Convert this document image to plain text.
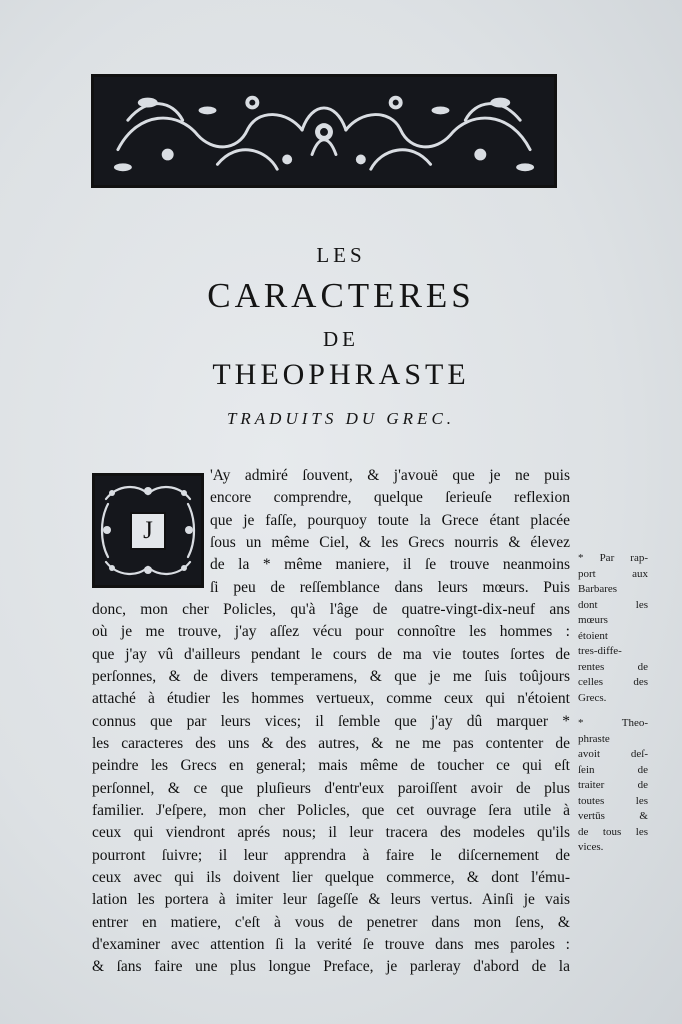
LES
CARACTERES
DE
THEOPHRASTE
TRADUITS DU GREC.
J
'Ay admiré ſouvent, & j'avouë que je ne puis
encore comprendre, quelque ſerieuſe reflexion
que je faſſe, pourquoy toute la Grece étant placée
ſous un même Ciel, & les Grecs nourris & élevez
de la * même maniere, il ſe trouve neanmoins
ſi peu de reſſemblance dans leurs mœurs. Puis
donc, mon cher Policles, qu'à l'âge de quatre-vingt-dix-neuf ans
où je me trouve, j'ay aſſez vécu pour connoître les hommes :
que j'ay vû d'ailleurs pendant le cours de ma vie toutes ſortes de
perſonnes, & de divers temperamens, & que je me ſuis toûjours
attaché à étudier les hommes vertueux, comme ceux qui n'étoient
connus que par leurs vices; il ſemble que j'ay dû marquer *
les caracteres des uns & des autres, & ne me pas contenter de
peindre les Grecs en general; mais même de toucher ce qui eſt
perſonnel, & ce que pluſieurs d'entr'eux paroiſſent avoir de plus
familier. J'eſpere, mon cher Policles, que cet ouvrage ſera utile à
ceux qui viendront aprés nous; il leur tracera des modeles qu'ils
pourront ſuivre; il leur apprendra à faire le diſcernement de
ceux avec qui ils doivent lier quelque commerce, & dont l'ému-
lation les portera à imiter leur ſageſſe & leurs vertus. Ainſi je vais
entrer en matiere, c'eſt à vous de penetrer dans mon ſens, &
d'examiner avec attention ſi la verité ſe trouve dans mes paroles :
& ſans faire une plus longue Preface, je parleray d'abord de la
* Par rap-
port aux
Barbares
dont les
mœurs
étoient
tres-diffe-
rentes de
celles des
Grecs.
* Theo-
phraste
avoit deſ-
ſein de
traiter de
toutes les
vertūs &
de tous les
vices.
